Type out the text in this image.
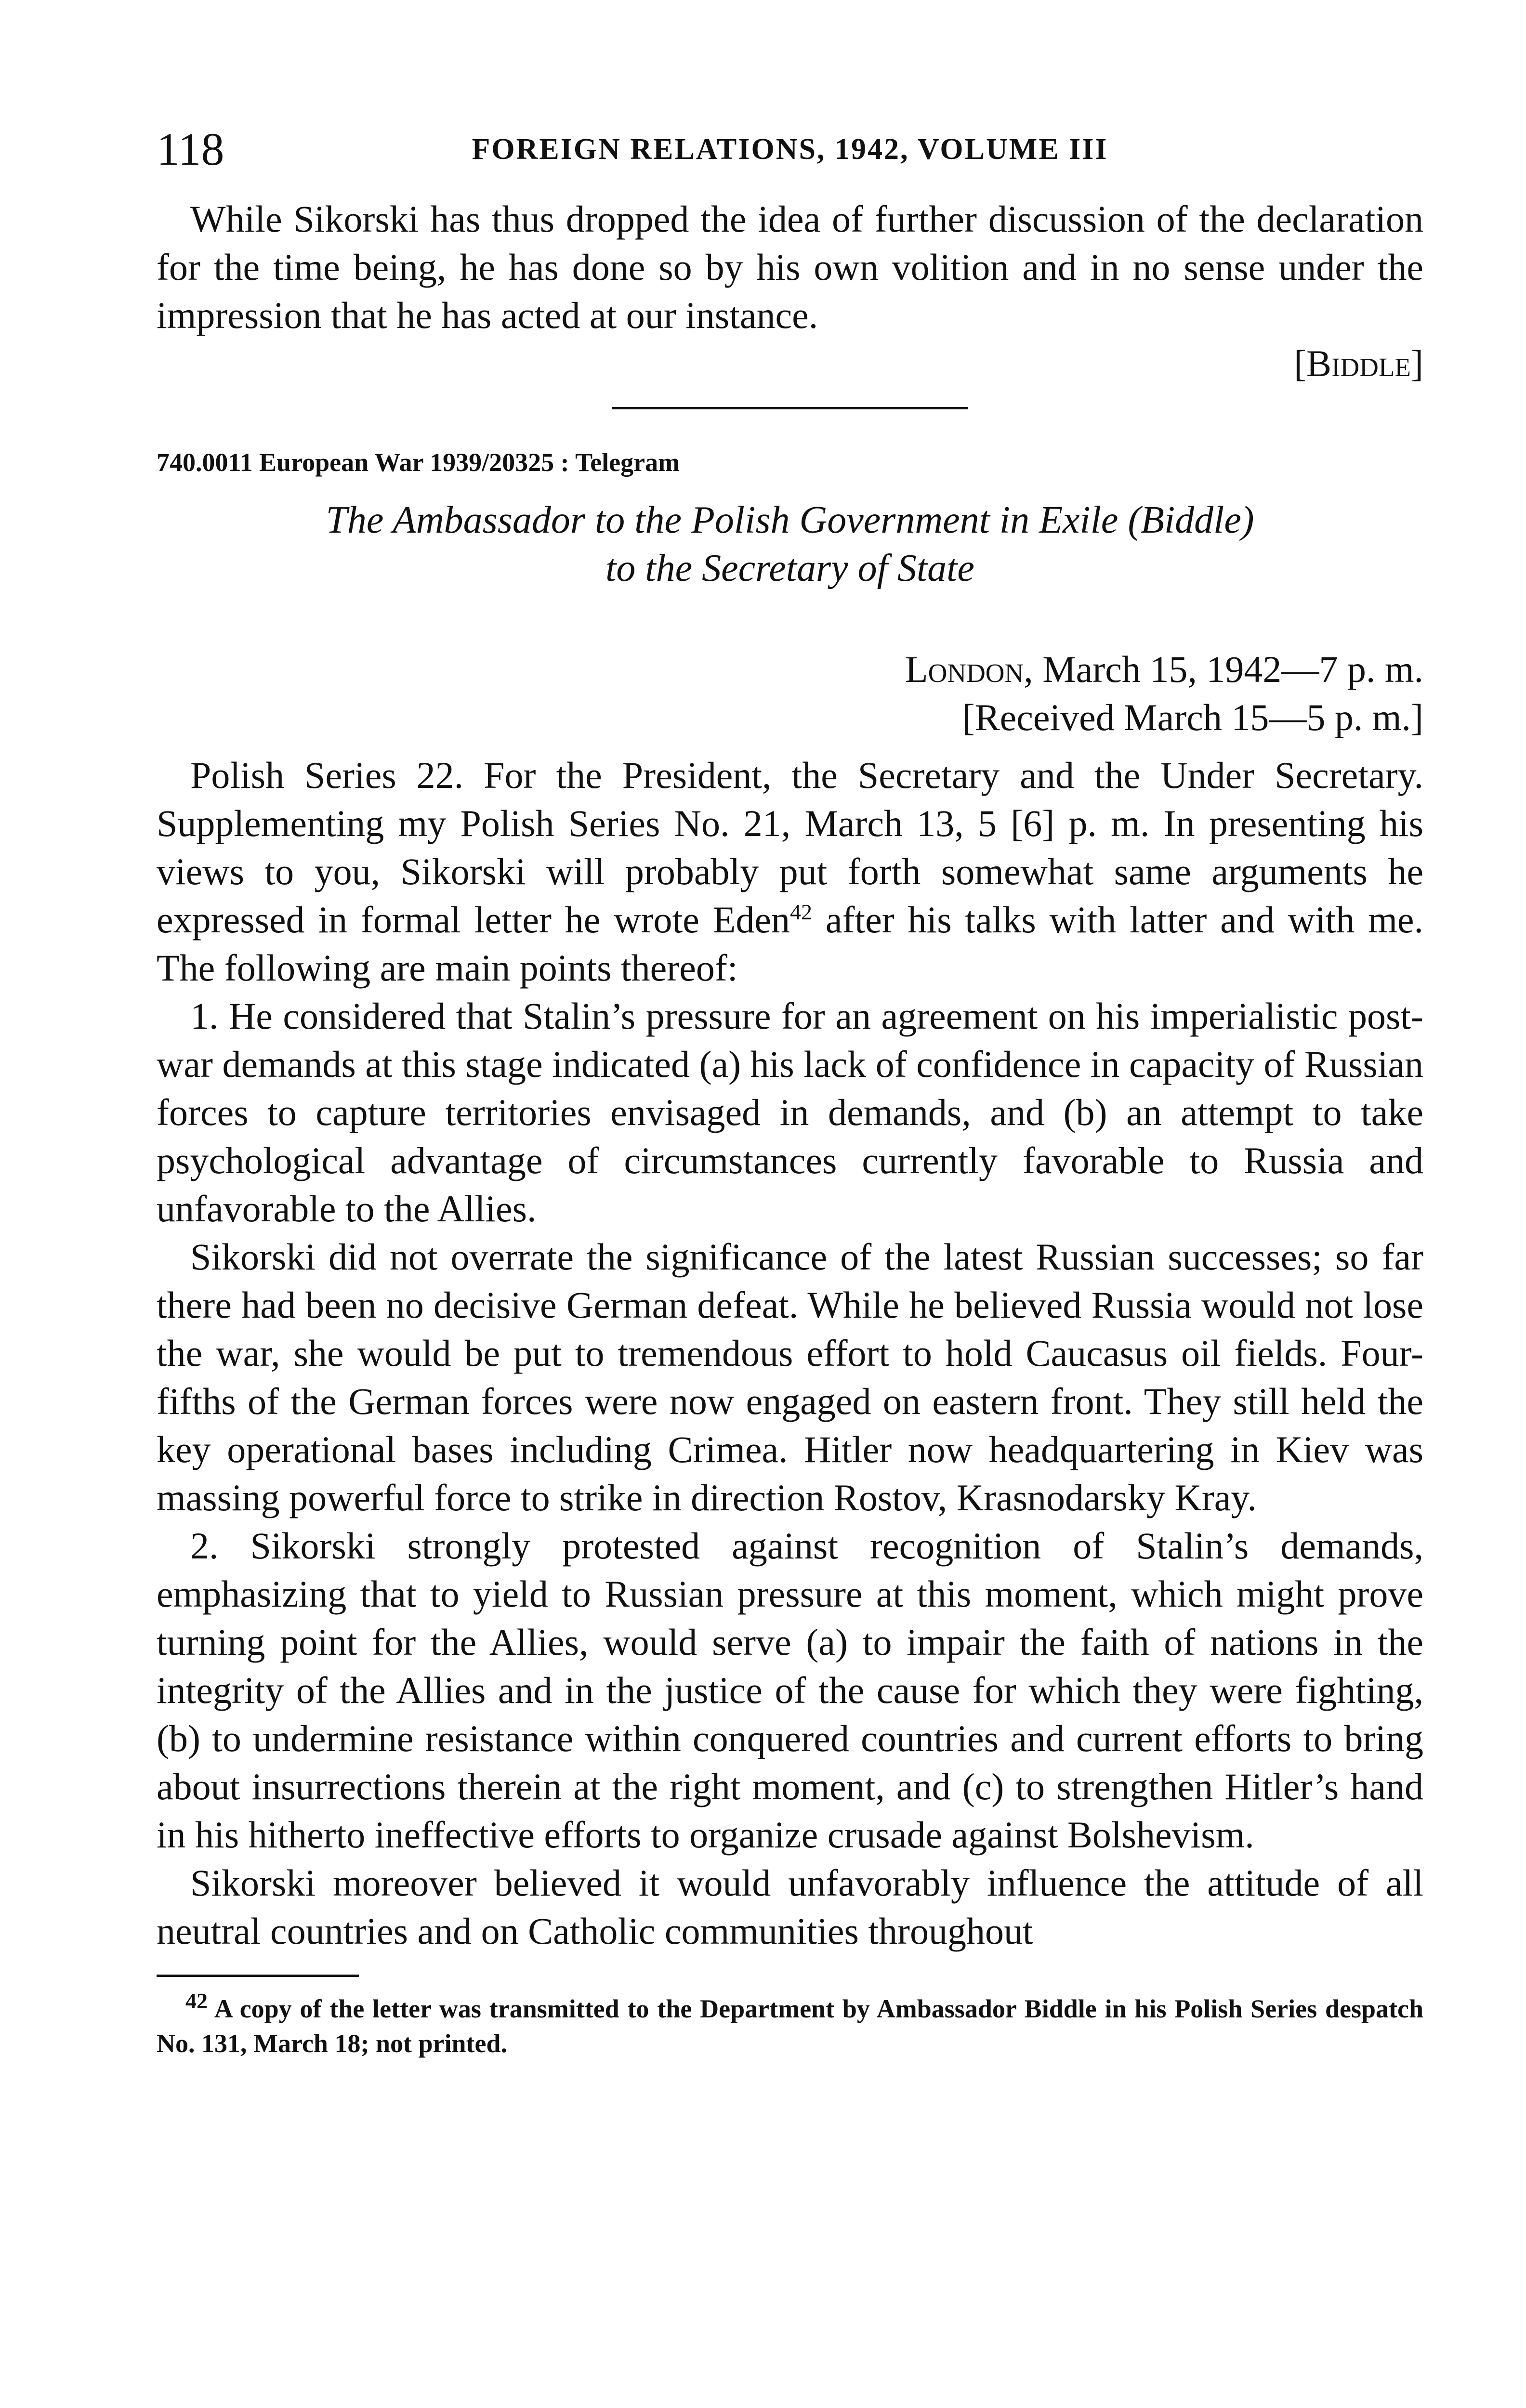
118	FOREIGN RELATIONS, 1942, VOLUME III

While Sikorski has thus dropped the idea of further discussion of the declaration for the time being, he has done so by his own volition and in no sense under the impression that he has acted at our instance.

[Biddle]
740.0011 European War 1939/20325 : Telegram
The Ambassador to the Polish Government in Exile (Biddle)
to the Secretary of State
London, March 15, 1942—7 p. m.
[Received March 15—5 p. m.]

Polish Series 22. For the President, the Secretary and the Under Secretary. Supplementing my Polish Series No. 21, March 13, 5 [6] p. m. In presenting his views to you, Sikorski will probably put forth somewhat same arguments he expressed in formal letter he wrote Eden$^{42}$ after his talks with latter and with me. The following are main points thereof:

1. He considered that Stalin’s pressure for an agreement on his imperialistic post-war demands at this stage indicated (a) his lack of confidence in capacity of Russian forces to capture territories envisaged in demands, and (b) an attempt to take psychological advantage of circumstances currently favorable to Russia and unfavorable to the Allies.

Sikorski did not overrate the significance of the latest Russian successes; so far there had been no decisive German defeat. While he believed Russia would not lose the war, she would be put to tremendous effort to hold Caucasus oil fields. Four-fifths of the German forces were now engaged on eastern front. They still held the key operational bases including Crimea. Hitler now headquartering in Kiev was massing powerful force to strike in direction Rostov, Krasnodarsky Kray.

2. Sikorski strongly protested against recognition of Stalin’s demands, emphasizing that to yield to Russian pressure at this moment, which might prove turning point for the Allies, would serve (a) to impair the faith of nations in the integrity of the Allies and in the justice of the cause for which they were fighting, (b) to undermine resistance within conquered countries and current efforts to bring about insurrections therein at the right moment, and (c) to strengthen Hitler’s hand in his hitherto ineffective efforts to organize crusade against Bolshevism.

Sikorski moreover believed it would unfavorably influence the attitude of all neutral countries and on Catholic communities throughout

$^{42}$ A copy of the letter was transmitted to the Department by Ambassador Biddle in his Polish Series despatch No. 131, March 18; not printed.
